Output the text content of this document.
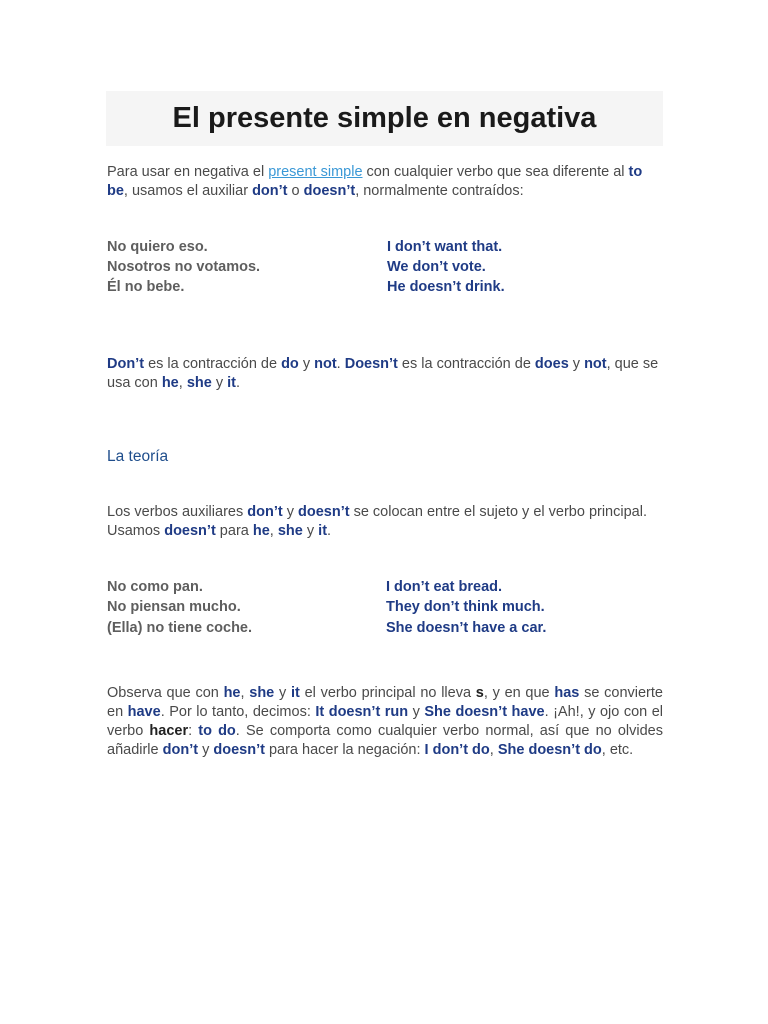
El presente simple en negativa

Para usar en negativa el present simple con cualquier verbo que sea diferente al to be, usamos el auxiliar don’t o doesn’t, normalmente contraídos:

No quiero eso.	I don’t want that.

Nosotros no votamos.	We don’t vote.

Él no bebe.	He doesn’t drink.

Don’t es la contracción de do y not. Doesn’t es la contracción de does y not, que se usa con he, she y it.

La teoría

Los verbos auxiliares don’t y doesn’t se colocan entre el sujeto y el verbo principal. Usamos doesn’t para he, she y it.

No como pan.	I don’t eat bread.

No piensan mucho.	They don’t think much.

(Ella) no tiene coche.	She doesn’t have a car.

Observa que con he, she y it el verbo principal no lleva s, y en que has se convierte en have. Por lo tanto, decimos: It doesn’t run y She doesn’t have. ¡Ah!, y ojo con el verbo hacer: to do. Se comporta como cualquier verbo normal, así que no olvides añadirle don’t y doesn’t para hacer la negación: I don’t do, She doesn’t do, etc.
